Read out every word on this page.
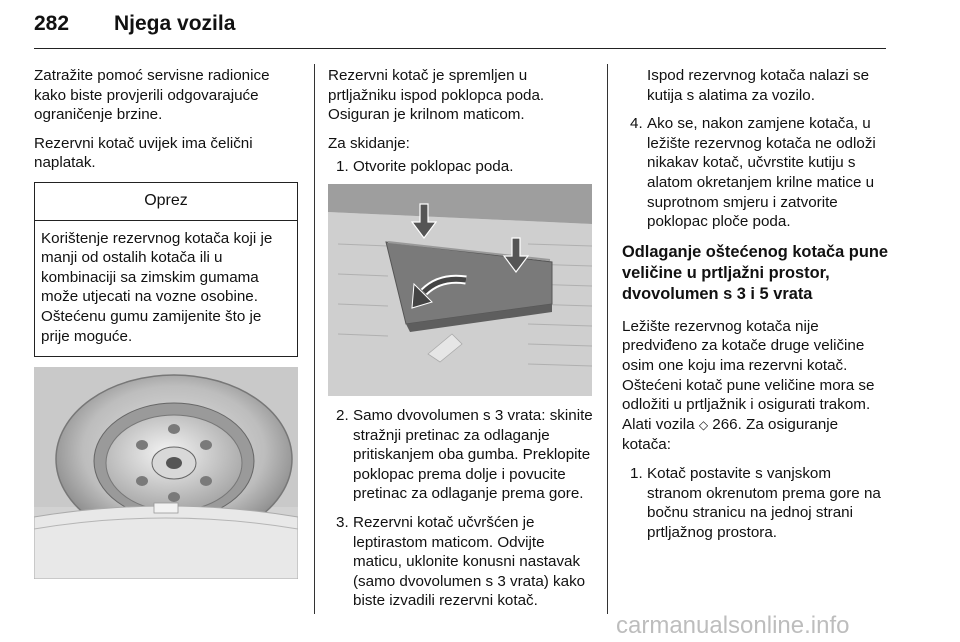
282 Njega vozila

Zatražite pomoć servisne radionice kako biste provjerili odgovarajuće ograničenje brzine.

Rezervni kotač uvijek ima čelični naplatak.

Oprez
Korištenje rezervnog kotača koji je manji od ostalih kotača ili u kombinaciji sa zimskim gumama može utjecati na vozne osobine. Oštećenu gumu zamijenite što je prije moguće.

Rezervni kotač je spremljen u prtljažniku ispod poklopca poda. Osiguran je krilnom maticom.

Za skidanje:

1. Otvorite poklopac poda.
2. Samo dvovolumen s 3 vrata: skinite stražnji pretinac za odlaganje pritiskanjem oba gumba. Preklopite poklopac prema dolje i povucite pretinac za odlaganje prema gore.
3. Rezervni kotač učvršćen je leptirastom maticom. Odvijte maticu, uklonite konusni nastavak (samo dvovolumen s 3 vrata) kako biste izvadili rezervni kotač.
Ispod rezervnog kotača nalazi se kutija s alatima za vozilo.
4. Ako se, nakon zamjene kotača, u ležište rezervnog kotača ne odloži nikakav kotač, učvrstite kutiju s alatom okretanjem krilne matice u suprotnom smjeru i zatvorite poklopac ploče poda.
Odlaganje oštećenog kotača pune veličine u prtljažni prostor, dvovolumen s 3 i 5 vrata

Ležište rezervnog kotača nije predviđeno za kotače druge veličine osim one koju ima rezervni kotač. Oštećeni kotač pune veličine mora se odložiti u prtljažnik i osigurati trakom. Alati vozila ◇ 266. Za osiguranje kotača:

1. Kotač postavite s vanjskom stranom okrenutom prema gore na bočnu stranicu na jednoj strani prtljažnog prostora.
carmanualsonline.info
